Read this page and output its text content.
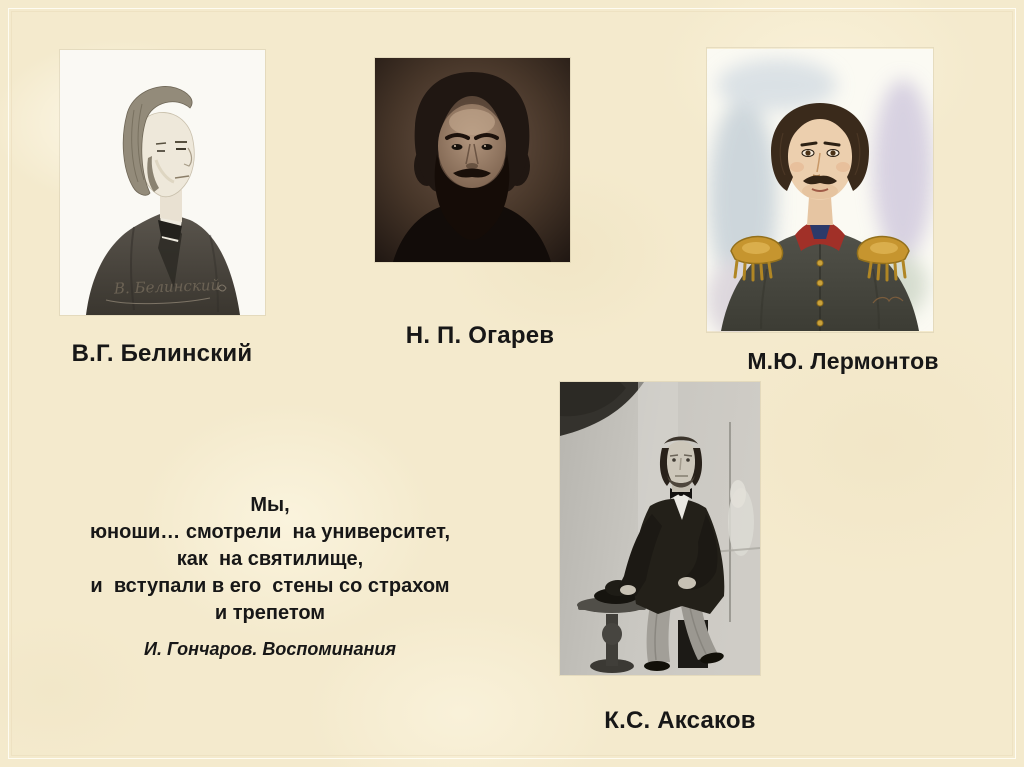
В. Белинский
В.Г. Белинский
Н. П. Огарев
М.Ю. Лермонтов
К.С. Аксаков
Мы,
юноши… смотрели  на университет,
как  на святилище,
и  вступали в его  стены со страхом
и трепетом
И. Гончаров. Воспоминания
